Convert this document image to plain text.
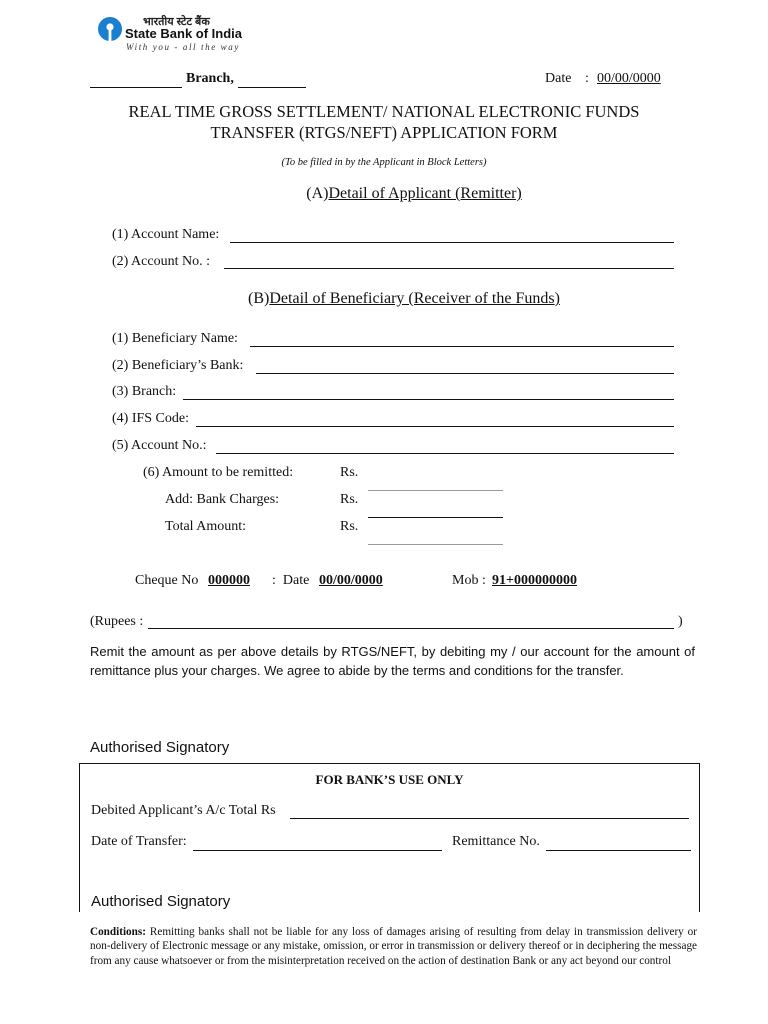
भारतीय स्टेट बैंक
State Bank of India
With you - all the way
Branch,	Date : 00/00/0000
REAL TIME GROSS SETTLEMENT/ NATIONAL ELECTRONIC FUNDS
TRANSFER (RTGS/NEFT) APPLICATION FORM
(To be filled in by the Applicant in Block Letters)
(A)Detail of Applicant (Remitter)
(1) Account Name:
(2) Account No. :
(B)Detail of Beneficiary (Receiver of the Funds)
(1) Beneficiary Name:
(2) Beneficiary’s Bank:
(3) Branch:
(4) IFS Code:
(5) Account No.:
(6) Amount to be remitted:	Rs.
Add: Bank Charges:	Rs.
Total Amount:	Rs.
Cheque No 000000 :  Date 00/00/0000	Mob : 91+000000000
(Rupees :	)
Remit the amount as per above details by RTGS/NEFT, by debiting my / our account for the amount of remittance plus your charges. We agree to abide by the terms and conditions for the transfer.
Authorised Signatory
FOR BANK’S USE ONLY
Debited Applicant’s A/c Total Rs
Date of Transfer:	Remittance No.
Authorised Signatory
Conditions: Remitting banks shall not be liable for any loss of damages arising of resulting from delay in transmission delivery or non-delivery of Electronic message or any mistake, omission, or error in transmission or delivery thereof or in deciphering the message from any cause whatsoever or from the misinterpretation received on the action of destination Bank or any act beyond our control
